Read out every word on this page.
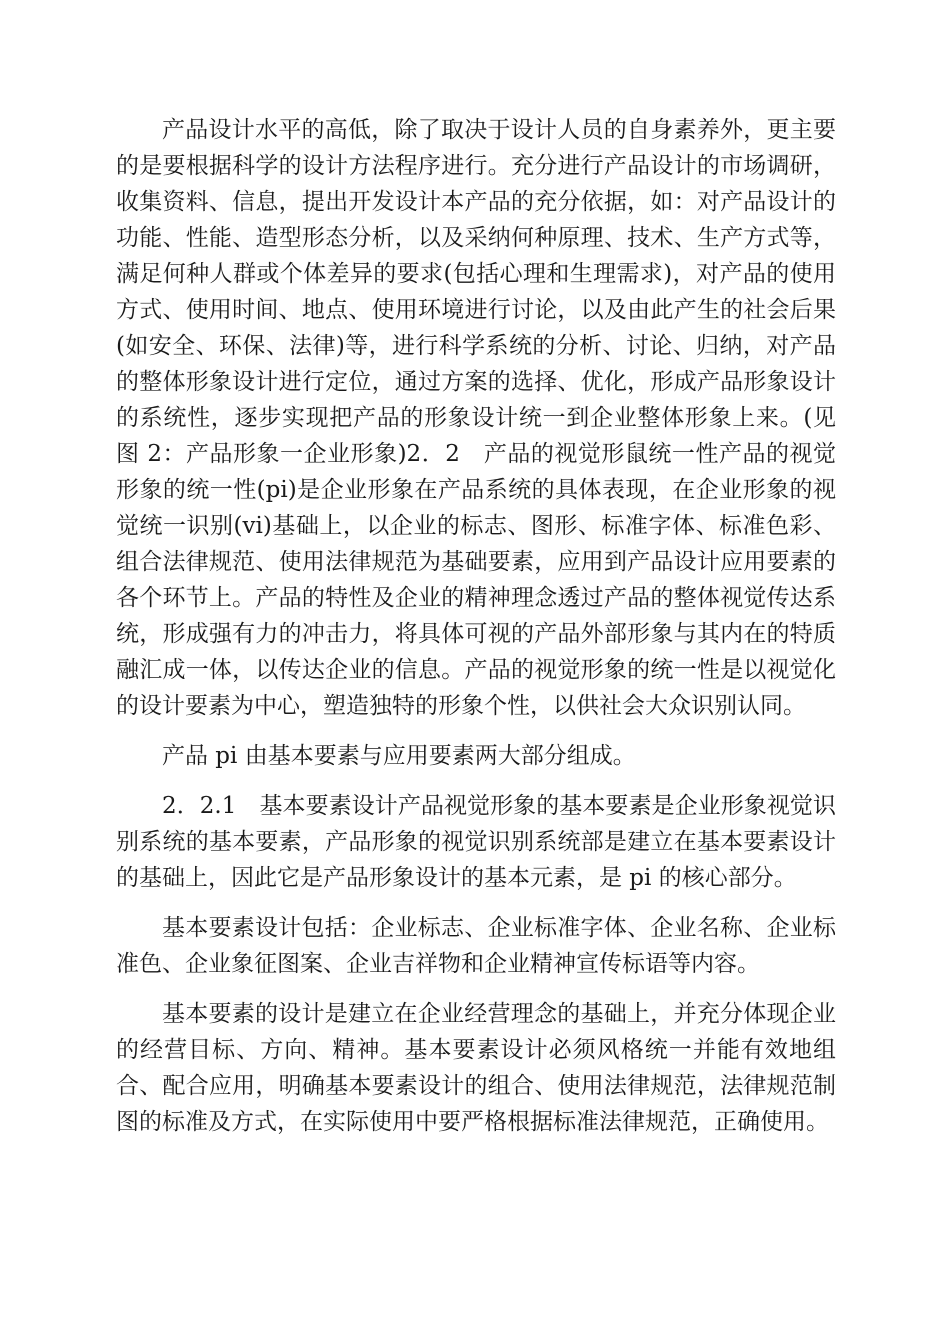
产品设计水平的高低，除了取决于设计人员的自身素养外，更主要的是要根据科学的设计方法程序进行。充分进行产品设计的市场调研，收集资料、信息，提出开发设计本产品的充分依据，如：对产品设计的功能、性能、造型形态分析，以及采纳何种原理、技术、生产方式等，满足何种人群或个体差异的要求(包括心理和生理需求)，对产品的使用方式、使用时间、地点、使用环境进行讨论，以及由此产生的社会后果(如安全、环保、法律)等，进行科学系统的分析、讨论、归纳，对产品的整体形象设计进行定位，通过方案的选择、优化，形成产品形象设计的系统性，逐步实现把产品的形象设计统一到企业整体形象上来。(见图 2：产品形象一企业形象)2．2　产品的视觉形鼠统一性产品的视觉形象的统一性(pi)是企业形象在产品系统的具体表现，在企业形象的视觉统一识别(vi)基础上，以企业的标志、图形、标准字体、标准色彩、组合法律规范、使用法律规范为基础要素，应用到产品设计应用要素的各个环节上。产品的特性及企业的精神理念透过产品的整体视觉传达系统，形成强有力的冲击力，将具体可视的产品外部形象与其内在的特质融汇成一体，以传达企业的信息。产品的视觉形象的统一性是以视觉化的设计要素为中心，塑造独特的形象个性，以供社会大众识别认同。

产品 pi 由基本要素与应用要素两大部分组成。

2．2.1　基本要素设计产品视觉形象的基本要素是企业形象视觉识别系统的基本要素，产品形象的视觉识别系统部是建立在基本要素设计的基础上，因此它是产品形象设计的基本元素，是 pi 的核心部分。

基本要素设计包括：企业标志、企业标准字体、企业名称、企业标准色、企业象征图案、企业吉祥物和企业精神宣传标语等内容。

基本要素的设计是建立在企业经营理念的基础上，并充分体现企业的经营目标、方向、精神。基本要素设计必须风格统一并能有效地组合、配合应用，明确基本要素设计的组合、使用法律规范，法律规范制图的标准及方式，在实际使用中要严格根据标准法律规范，正确使用。
